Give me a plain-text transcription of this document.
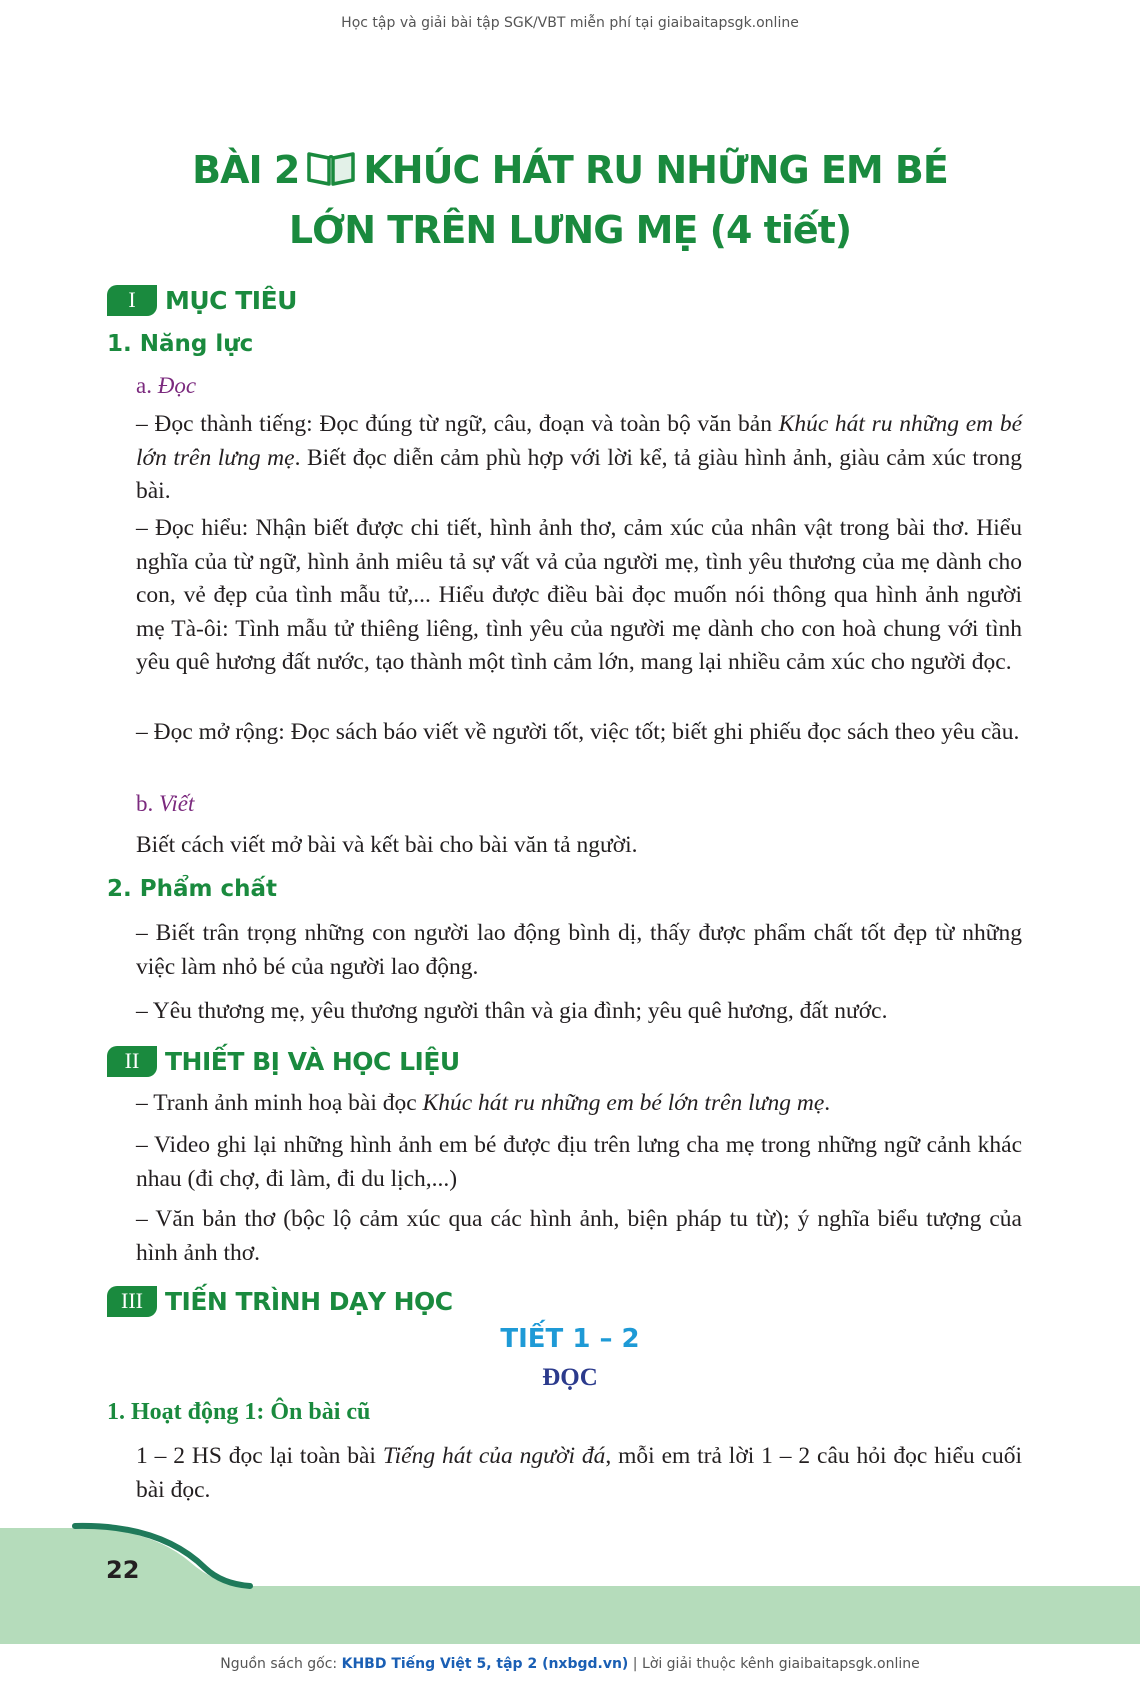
Học tập và giải bài tập SGK/VBT miễn phí tại giaibaitapsgk.online
BÀI 2 KHÚC HÁT RU NHỮNG EM BÉ
LỚN TRÊN LƯNG MẸ (4 tiết)
I	MỤC TIÊU
1. Năng lực
a. Đọc
– Đọc thành tiếng: Đọc đúng từ ngữ, câu, đoạn và toàn bộ văn bản Khúc hát ru những em bé lớn trên lưng mẹ. Biết đọc diễn cảm phù hợp với lời kể, tả giàu hình ảnh, giàu cảm xúc trong bài.
– Đọc hiểu: Nhận biết được chi tiết, hình ảnh thơ, cảm xúc của nhân vật trong bài thơ. Hiểu nghĩa của từ ngữ, hình ảnh miêu tả sự vất vả của người mẹ, tình yêu thương của mẹ dành cho con, vẻ đẹp của tình mẫu tử,... Hiểu được điều bài đọc muốn nói thông qua hình ảnh người mẹ Tà-ôi: Tình mẫu tử thiêng liêng, tình yêu của người mẹ dành cho con hoà chung với tình yêu quê hương đất nước, tạo thành một tình cảm lớn, mang lại nhiều cảm xúc cho người đọc.
– Đọc mở rộng: Đọc sách báo viết về người tốt, việc tốt; biết ghi phiếu đọc sách theo yêu cầu.
b. Viết
Biết cách viết mở bài và kết bài cho bài văn tả người.
2. Phẩm chất
– Biết trân trọng những con người lao động bình dị, thấy được phẩm chất tốt đẹp từ những việc làm nhỏ bé của người lao động.
– Yêu thương mẹ, yêu thương người thân và gia đình; yêu quê hương, đất nước.
II	THIẾT BỊ VÀ HỌC LIỆU
– Tranh ảnh minh hoạ bài đọc Khúc hát ru những em bé lớn trên lưng mẹ.
– Video ghi lại những hình ảnh em bé được địu trên lưng cha mẹ trong những ngữ cảnh khác nhau (đi chợ, đi làm, đi du lịch,...)
– Văn bản thơ (bộc lộ cảm xúc qua các hình ảnh, biện pháp tu từ); ý nghĩa biểu tượng của hình ảnh thơ.
III TIẾN TRÌNH DẠY HỌC
TIẾT 1 – 2
ĐỌC
1. Hoạt động 1: Ôn bài cũ
1 – 2 HS đọc lại toàn bài Tiếng hát của người đá, mỗi em trả lời 1 – 2 câu hỏi đọc hiểu cuối bài đọc.
22
Nguồn sách gốc: KHBD Tiếng Việt 5, tập 2 (nxbgd.vn) | Lời giải thuộc kênh giaibaitapsgk.online
